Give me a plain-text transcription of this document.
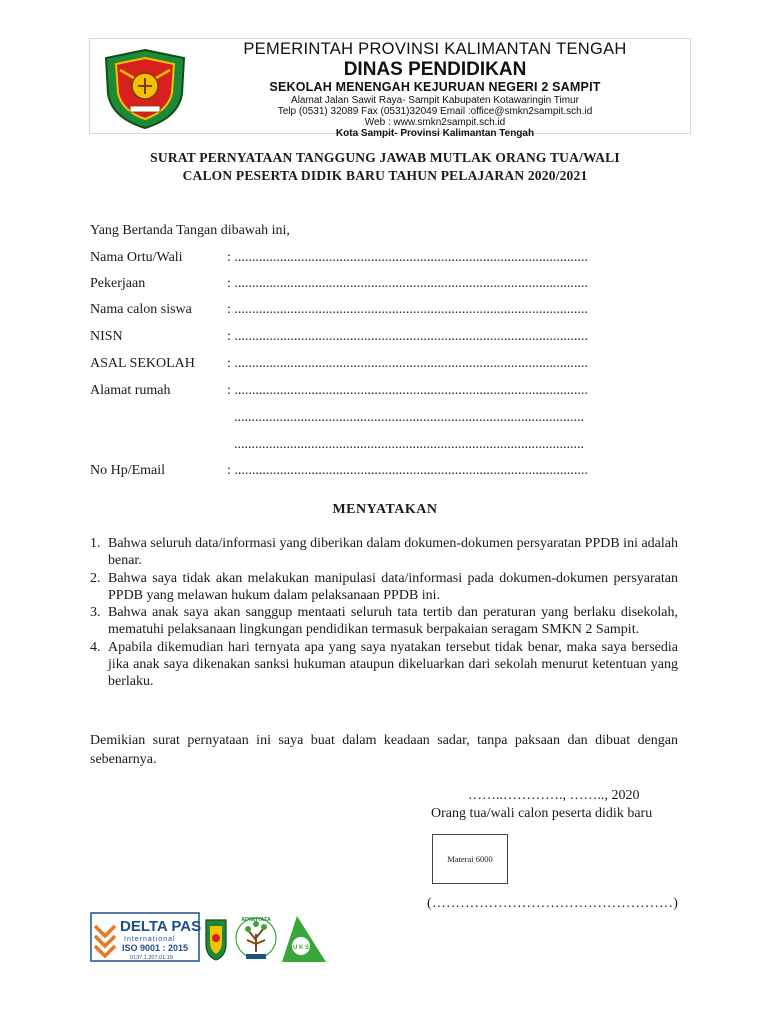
PEMERINTAH PROVINSI KALIMANTAN TENGAH
DINAS PENDIDIKAN
SEKOLAH MENENGAH KEJURUAN NEGERI 2 SAMPIT
Alamat Jalan Sawit Raya- Sampit Kabupaten Kotawaringin Timur
Telp (0531) 32089 Fax (0531)32049 Email :office@smkn2sampit.sch.id
Web : www.smkn2sampit.sch.id
Kota Sampit- Provinsi Kalimantan Tengah
SURAT PERNYATAAN TANGGUNG JAWAB MUTLAK ORANG TUA/WALI
CALON PESERTA DIDIK BARU TAHUN PELAJARAN 2020/2021
Yang Bertanda Tangan dibawah ini,
Nama Ortu/Wali	: .....................................................................................................
Pekerjaan	: .....................................................................................................
Nama calon siswa	: .....................................................................................................
NISN	: .....................................................................................................
ASAL SEKOLAH : .....................................................................................................
Alamat rumah	: .....................................................................................................
....................................................................................................
....................................................................................................
No Hp/Email	: .....................................................................................................
MENYATAKAN
1. Bahwa seluruh data/informasi yang diberikan dalam dokumen-dokumen persyaratan PPDB ini adalah benar.
2. Bahwa saya tidak akan melakukan manipulasi data/informasi pada dokumen-dokumen persyaratan PPDB yang melawan hukum dalam pelaksanaan PPDB ini.
3. Bahwa anak saya akan sanggup mentaati seluruh tata tertib dan peraturan yang berlaku disekolah, mematuhi pelaksanaan lingkungan pendidikan termasuk berpakaian seragam SMKN 2 Sampit.
4. Apabila dikemudian hari ternyata apa yang saya nyatakan tersebut tidak benar, maka saya bersedia jika anak saya dikenakan sanksi hukuman ataupun dikeluarkan dari sekolah menurut ketentuan yang berlaku.
Demikian surat pernyataan ini saya buat dalam keadaan sadar, tanpa paksaan dan dibuat dengan sebenarnya.
……..…………., …….., 2020
Orang tua/wali calon peserta didik baru
Materai 6000
(……………………………………………)
DELTA PAS
International
ISO 9001 : 2015
0137.1.207.01.19
ADIWIYATA
U K S
